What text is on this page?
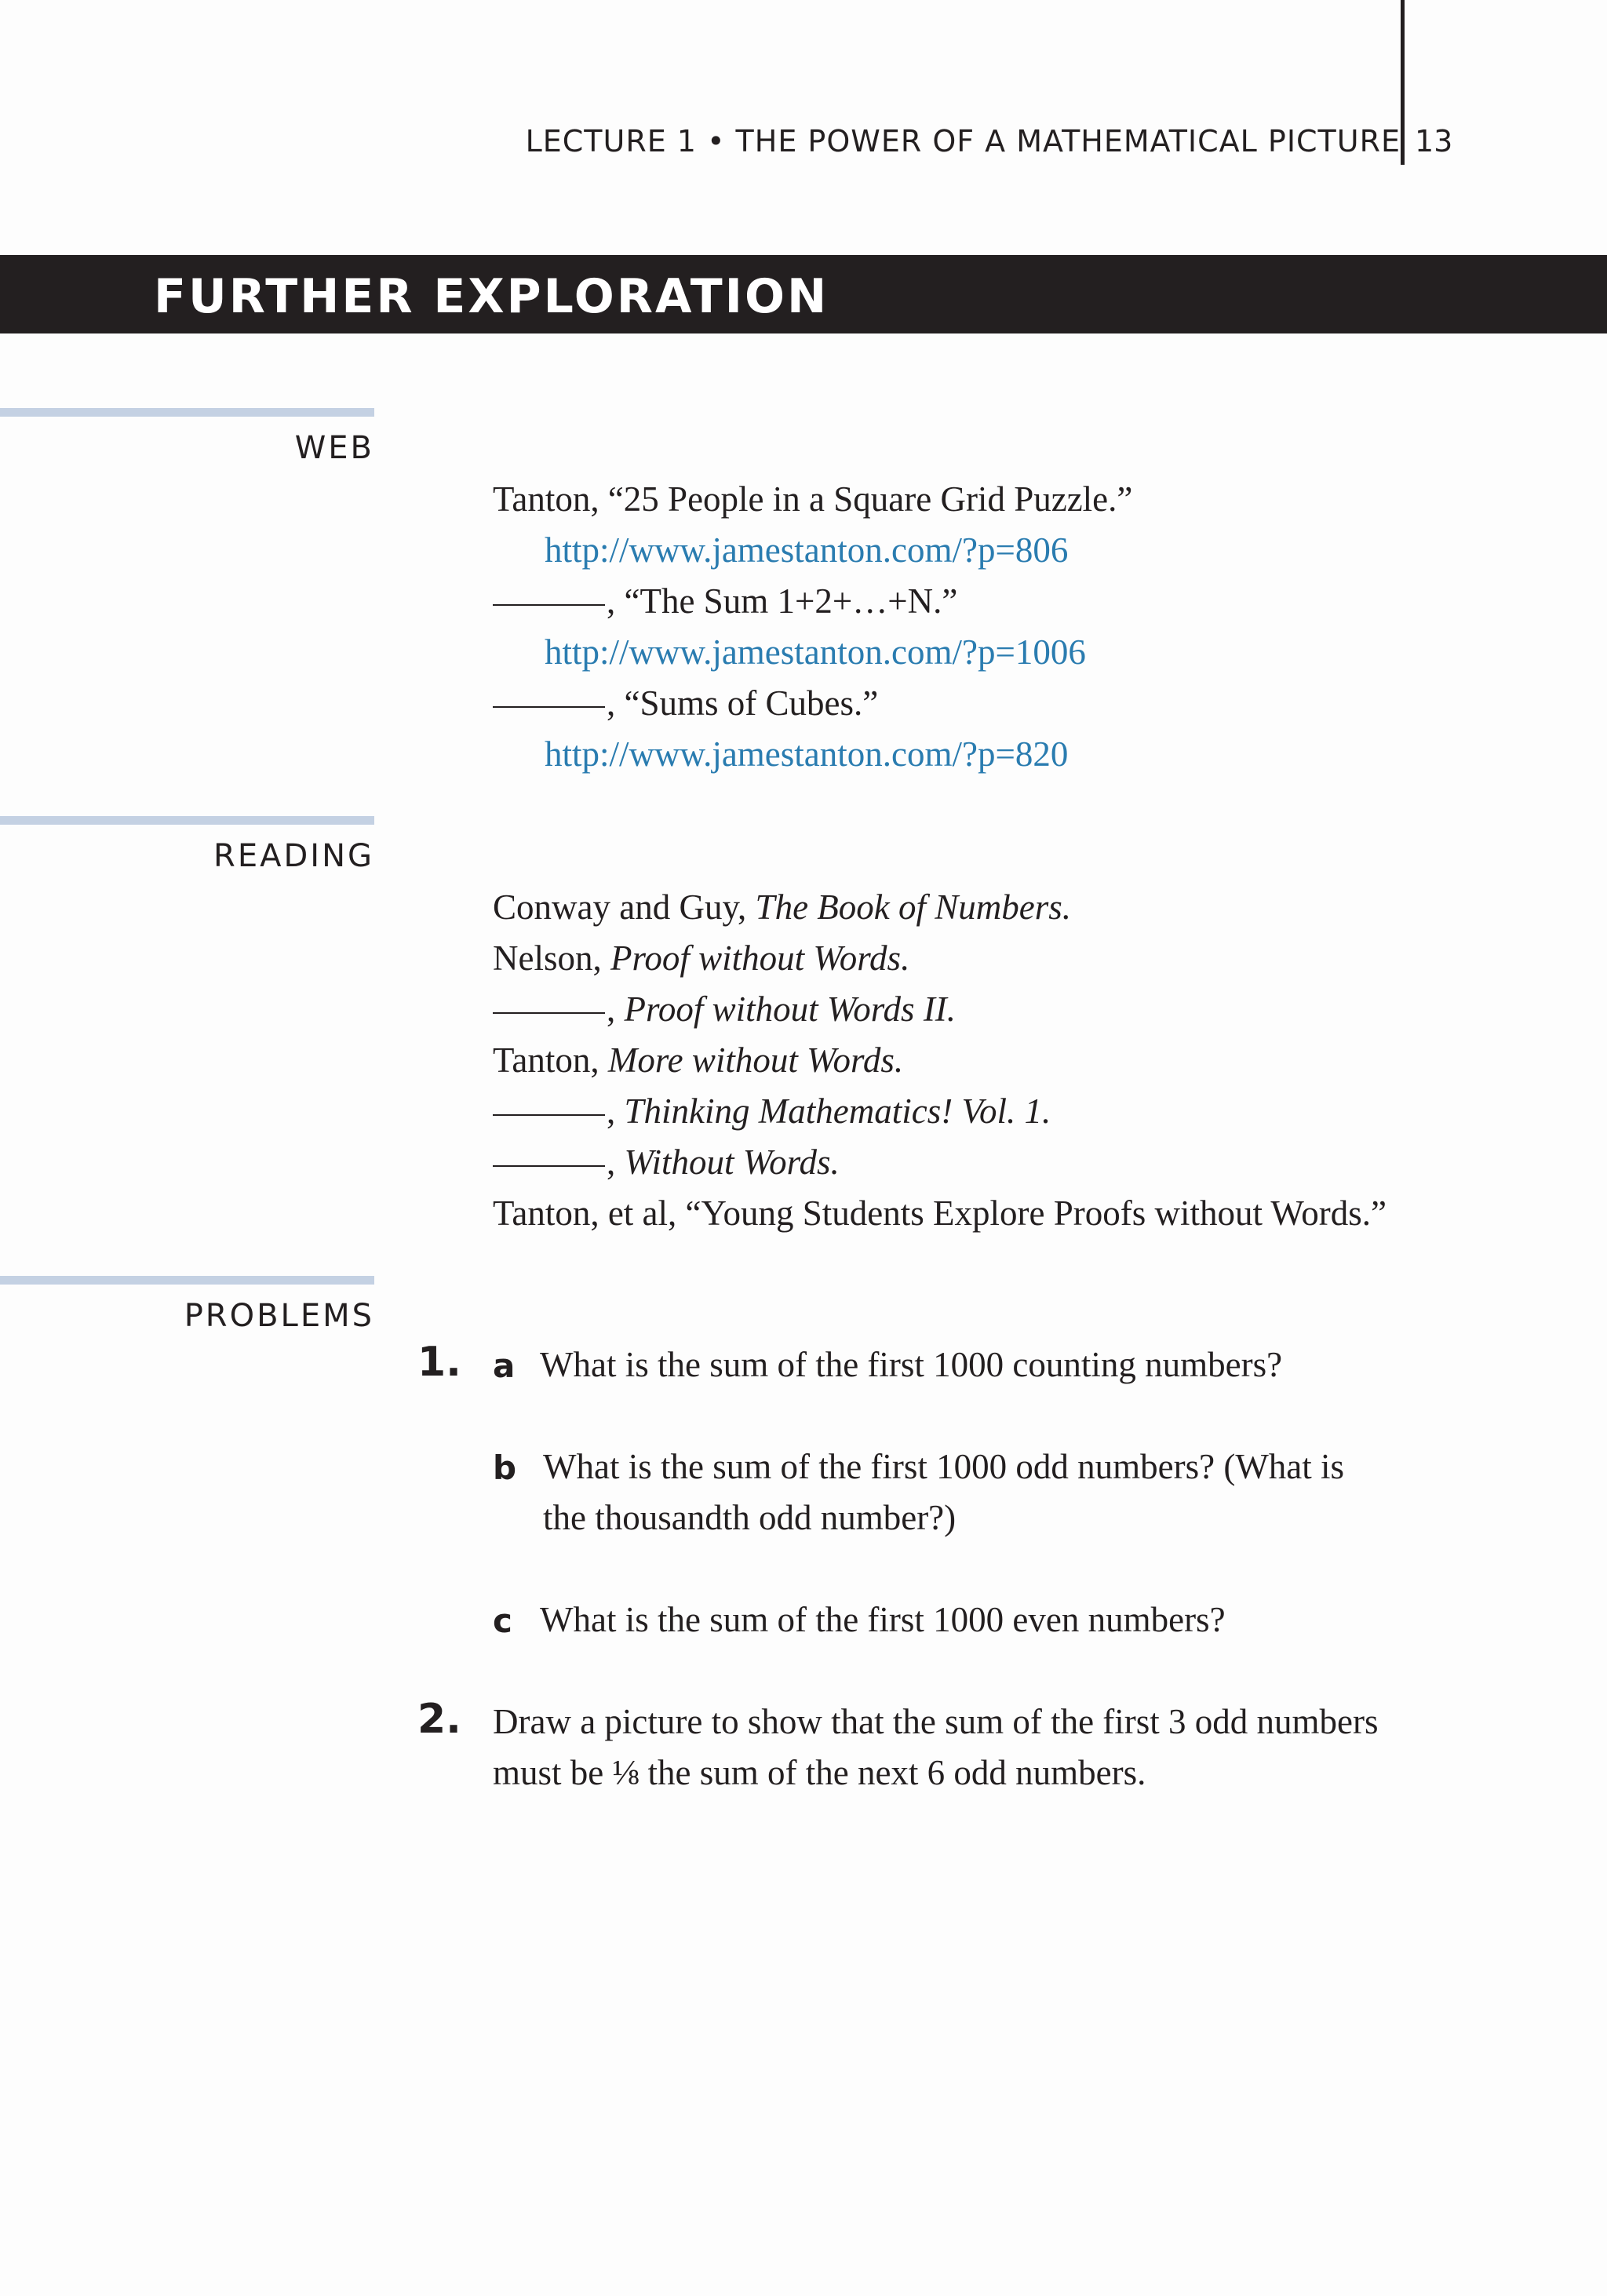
LECTURE 1 • THE POWER OF A MATHEMATICAL PICTURE 13
FURTHER EXPLORATION
WEB
Tanton, “25 People in a Square Grid Puzzle.”
http://www.jamestanton.com/?p=806
, “The Sum 1+2+…+N.”
http://www.jamestanton.com/?p=1006
, “Sums of Cubes.”
http://www.jamestanton.com/?p=820
READING
Conway and Guy, The Book of Numbers.
Nelson, Proof without Words.
, Proof without Words II.
Tanton, More without Words.
, Thinking Mathematics! Vol. 1.
, Without Words.
Tanton, et al, “Young Students Explore Proofs without Words.”
PROBLEMS
1. a What is the sum of the first 1000 counting numbers?
b What is the sum of the first 1000 odd numbers? (What is
the thousandth odd number?)
c What is the sum of the first 1000 even numbers?
2. Draw a picture to show that the sum of the first 3 odd numbers
must be ⅛ the sum of the next 6 odd numbers.
